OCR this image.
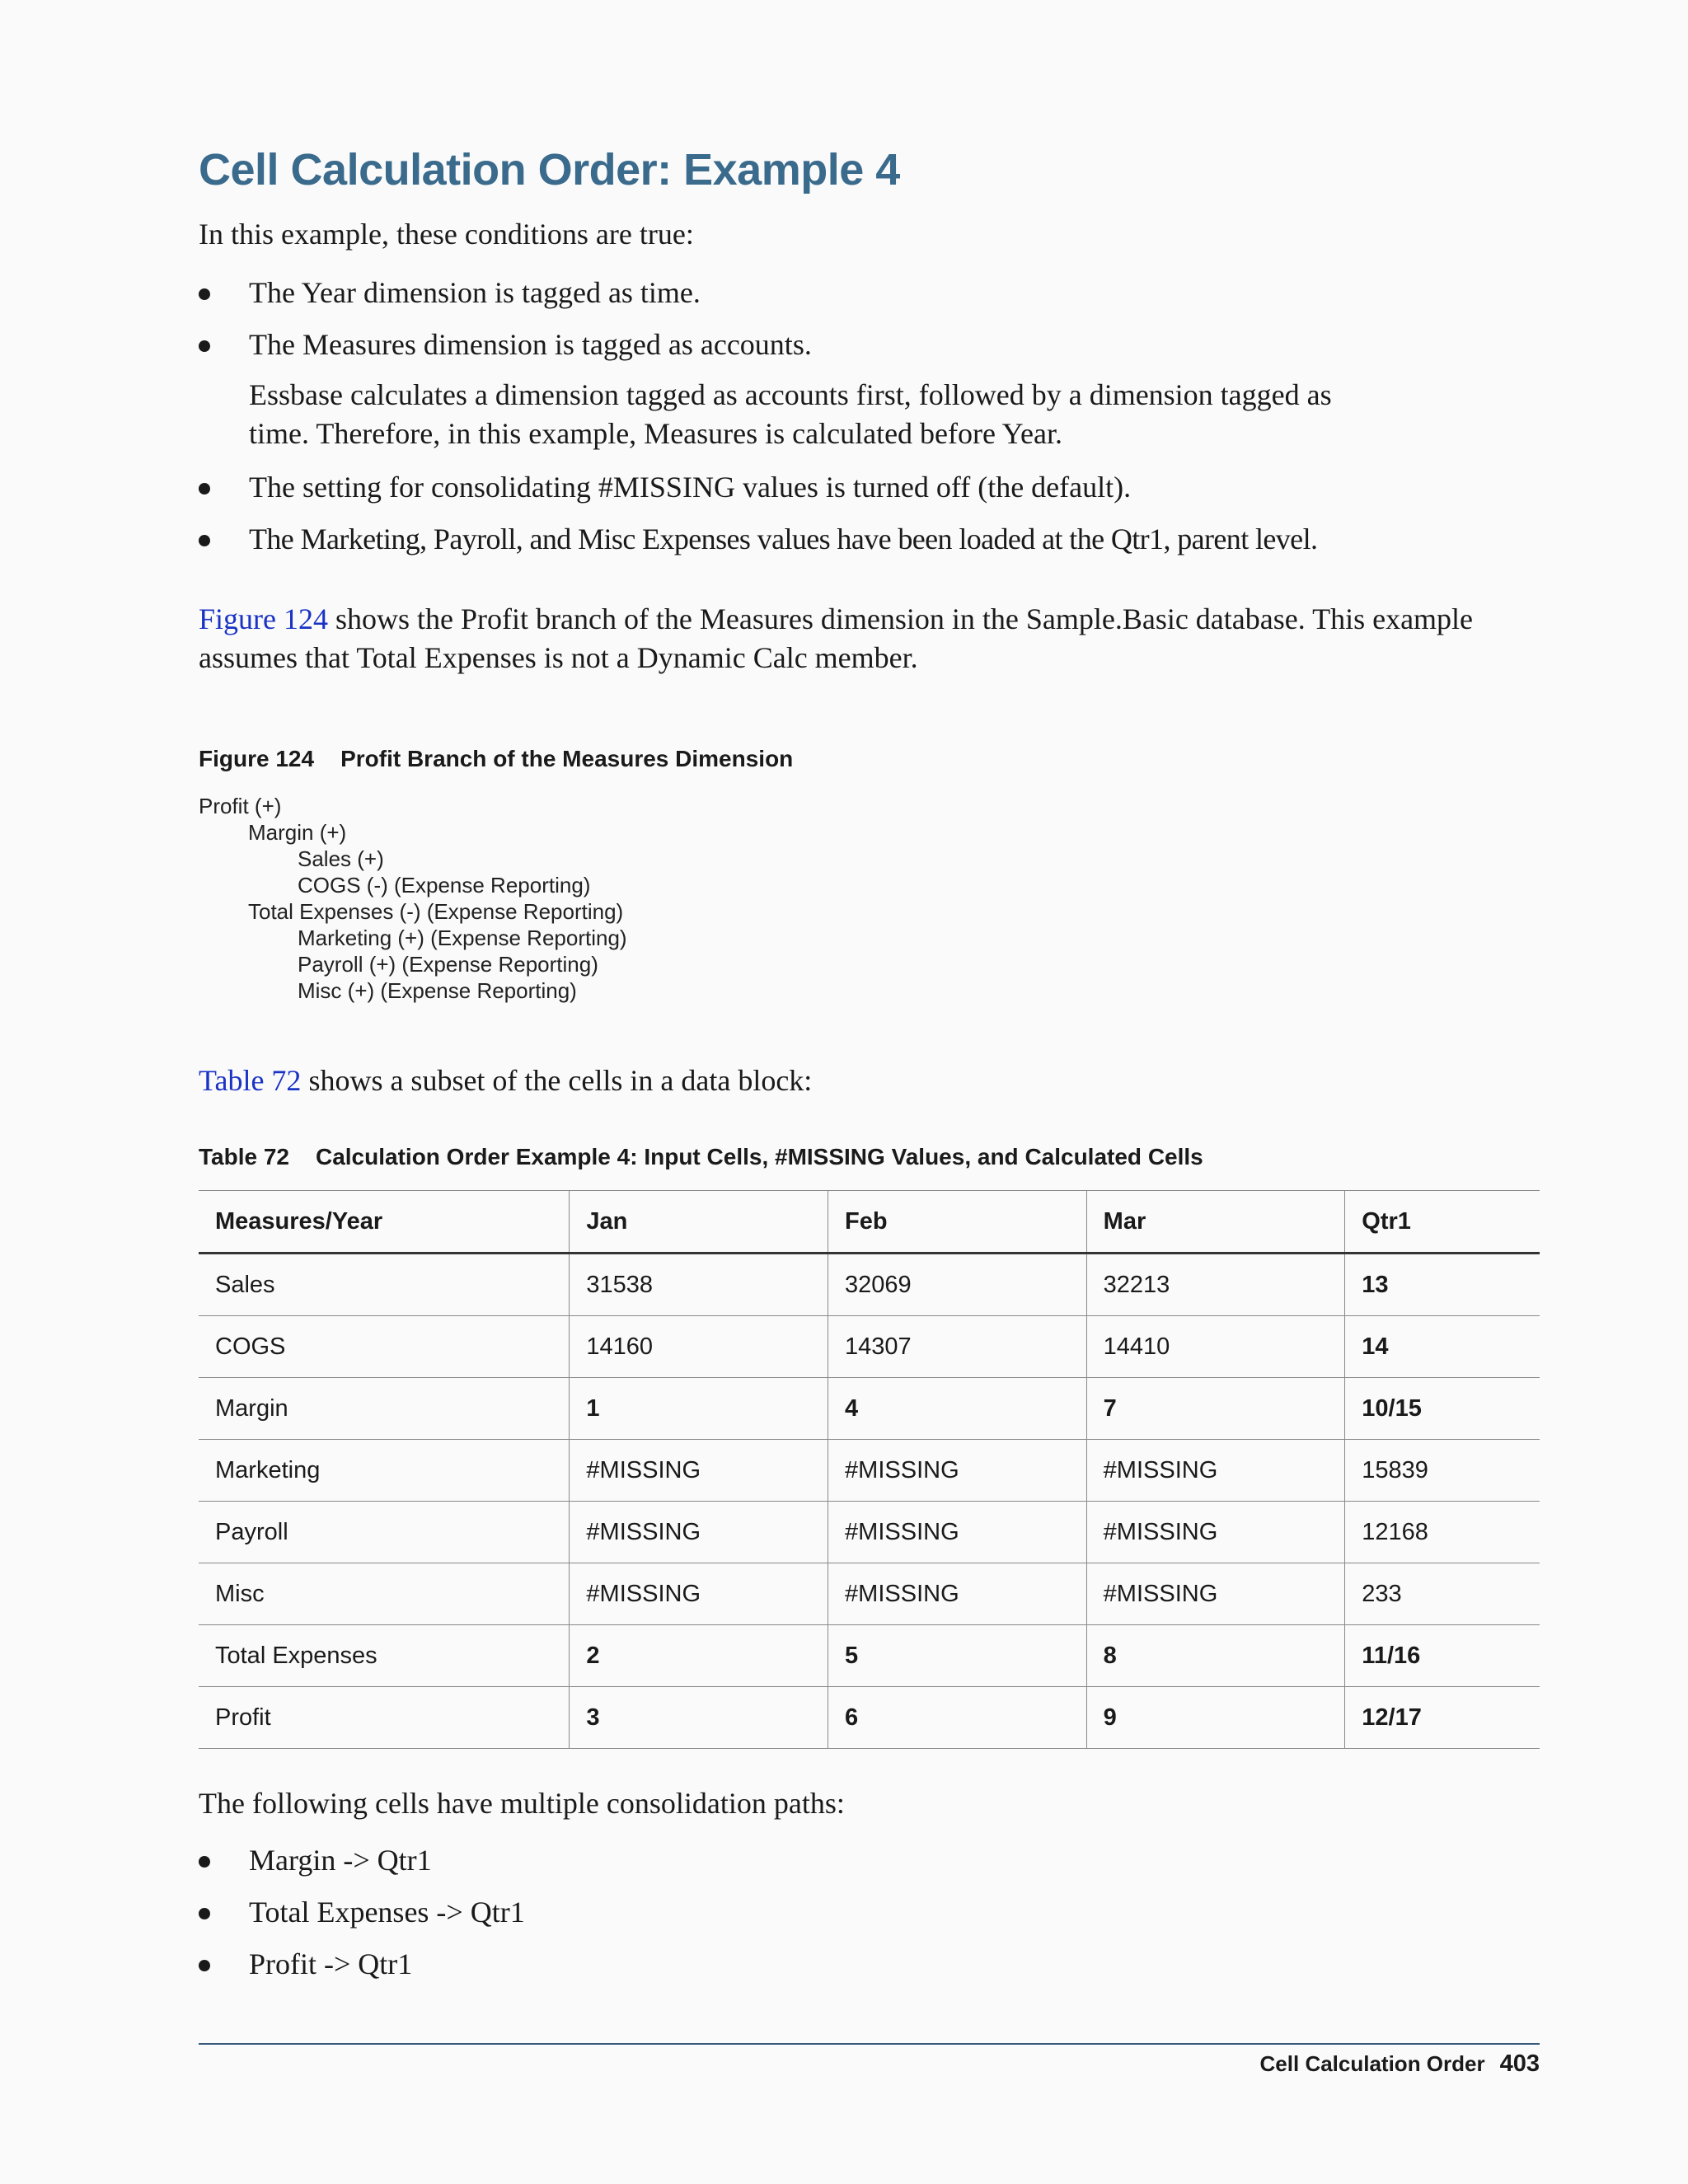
Cell Calculation Order: Example 4
In this example, these conditions are true:
The Year dimension is tagged as time.
The Measures dimension is tagged as accounts.
Essbase calculates a dimension tagged as accounts first, followed by a dimension tagged as time. Therefore, in this example, Measures is calculated before Year.
The setting for consolidating #MISSING values is turned off (the default).
The Marketing, Payroll, and Misc Expenses values have been loaded at the Qtr1, parent level.
Figure 124 shows the Profit branch of the Measures dimension in the Sample.Basic database. This example assumes that Total Expenses is not a Dynamic Calc member.
Figure 124 Profit Branch of the Measures Dimension
Profit (+)
Margin (+)
Sales (+)
COGS (-) (Expense Reporting)
Total Expenses (-) (Expense Reporting)
Marketing (+) (Expense Reporting)
Payroll (+) (Expense Reporting)
Misc (+) (Expense Reporting)
Table 72 shows a subset of the cells in a data block:
Table 72 Calculation Order Example 4: Input Cells, #MISSING Values, and Calculated Cells
Measures/Year	Jan	Feb	Mar	Qtr1
Sales	31538	32069	32213	13
COGS	14160	14307	14410	14
Margin	1	4	7	10/15
Marketing	#MISSING	#MISSING	#MISSING	15839
Payroll	#MISSING	#MISSING	#MISSING	12168
Misc	#MISSING	#MISSING	#MISSING	233
Total Expenses	2	5	8	11/16
Profit	3	6	9	12/17
The following cells have multiple consolidation paths:
Margin -> Qtr1
Total Expenses -> Qtr1
Profit -> Qtr1
Cell Calculation Order 403
